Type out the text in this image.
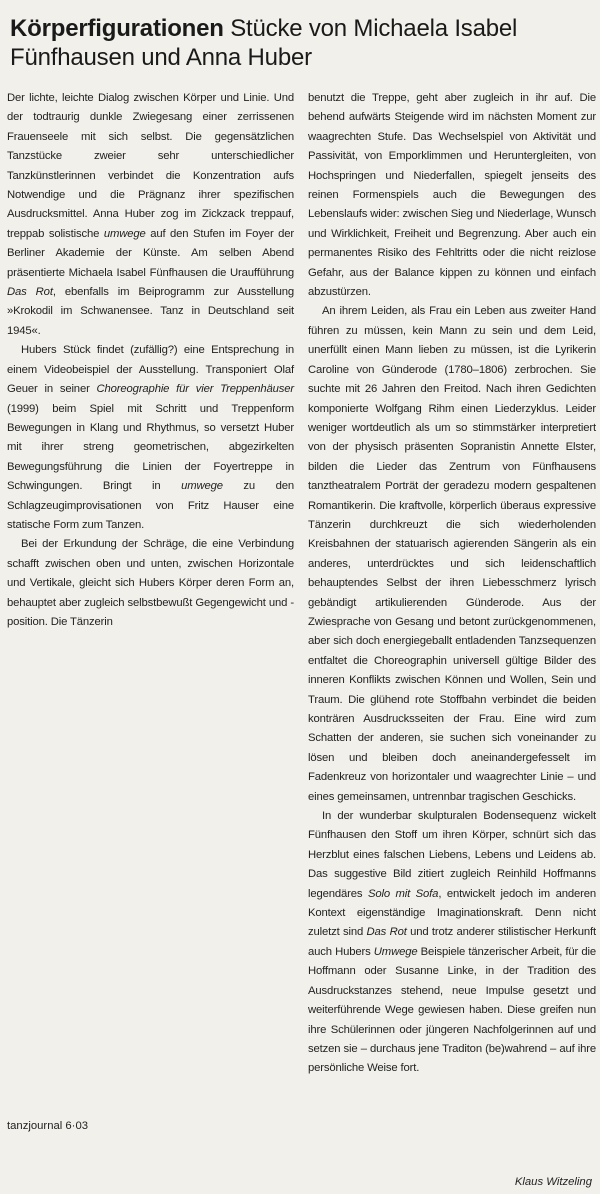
Körperfigurationen Stücke von Michaela Isabel Fünfhausen und Anna Huber

Der lichte, leichte Dialog zwischen Körper und Linie. Und der todtraurig dunkle Zwiegesang einer zerrissenen Frauenseele mit sich selbst. Die gegensätzlichen Tanzstücke zweier sehr unterschiedlicher Tanzkünstlerinnen verbindet die Konzentration aufs Notwendige und die Prägnanz ihrer spezifischen Ausdrucksmittel. Anna Huber zog im Zickzack treppauf, treppab solistische umwege auf den Stufen im Foyer der Berliner Akademie der Künste. Am selben Abend präsentierte Michaela Isabel Fünfhausen die Uraufführung Das Rot, ebenfalls im Beiprogramm zur Ausstellung »Krokodil im Schwanensee. Tanz in Deutschland seit 1945«.

Hubers Stück findet (zufällig?) eine Entsprechung in einem Videobeispiel der Ausstellung. Transponiert Olaf Geuer in seiner Choreographie für vier Treppenhäuser (1999) beim Spiel mit Schritt und Treppenform Bewegungen in Klang und Rhythmus, so versetzt Huber mit ihrer streng geometrischen, abgezirkelten Bewegungsführung die Linien der Foyertreppe in Schwingungen. Bringt in umwege zu den Schlagzeugimprovisationen von Fritz Hauser eine statische Form zum Tanzen.

Bei der Erkundung der Schräge, die eine Verbindung schafft zwischen oben und unten, zwischen Horizontale und Vertikale, gleicht sich Hubers Körper deren Form an, behauptet aber zugleich selbstbewußt Gegengewicht und -position. Die Tänzerin

benutzt die Treppe, geht aber zugleich in ihr auf. Die behend aufwärts Steigende wird im nächsten Moment zur waagrechten Stufe. Das Wechselspiel von Aktivität und Passivität, von Emporklimmen und Heruntergleiten, von Hochspringen und Niederfallen, spiegelt jenseits des reinen Formenspiels auch die Bewegungen des Lebenslaufs wider: zwischen Sieg und Niederlage, Wunsch und Wirklichkeit, Freiheit und Begrenzung. Aber auch ein permanentes Risiko des Fehltritts oder die nicht reizlose Gefahr, aus der Balance kippen zu können und einfach abzustürzen.

An ihrem Leiden, als Frau ein Leben aus zweiter Hand führen zu müssen, kein Mann zu sein und dem Leid, unerfüllt einen Mann lieben zu müssen, ist die Lyrikerin Caroline von Günderode (1780–1806) zerbrochen. Sie suchte mit 26 Jahren den Freitod. Nach ihren Gedichten komponierte Wolfgang Rihm einen Liederzyklus. Leider weniger wortdeutlich als um so stimmstärker interpretiert von der physisch präsenten Sopranistin Annette Elster, bilden die Lieder das Zentrum von Fünfhausens tanztheatralem Porträt der geradezu modern gespaltenen Romantikerin. Die kraftvolle, körperlich überaus expressive Tänzerin durchkreuzt die sich wiederholenden Kreisbahnen der statuarisch agierenden Sängerin als ein anderes, unterdrücktes und sich leidenschaftlich behauptendes Selbst der ihren Liebesschmerz lyrisch gebändigt artikulierenden Günderode. Aus der Zwiesprache von Gesang und betont zurückgenommenen, aber sich doch energiegeballt entladenden Tanzsequenzen entfaltet die Choreographin universell gültige Bilder des inneren Konflikts zwischen Können und Wollen, Sein und Traum. Die glühend rote Stoffbahn verbindet die beiden konträren Ausdrucksseiten der Frau. Eine wird zum Schatten der anderen, sie suchen sich voneinander zu lösen und bleiben doch aneinandergefesselt im Fadenkreuz von horizontaler und waagrechter Linie – und eines gemeinsamen, untrennbar tragischen Geschicks.

In der wunderbar skulpturalen Bodensequenz wickelt Fünfhausen den Stoff um ihren Körper, schnürt sich das Herzblut eines falschen Liebens, Lebens und Leidens ab. Das suggestive Bild zitiert zugleich Reinhild Hoffmanns legendäres Solo mit Sofa, entwickelt jedoch im anderen Kontext eigenständige Imaginationskraft. Denn nicht zuletzt sind Das Rot und trotz anderer stilistischer Herkunft auch Hubers Umwege Beispiele tänzerischer Arbeit, für die Hoffmann oder Susanne Linke, in der Tradition des Ausdruckstanzes stehend, neue Impulse gesetzt und weiterführende Wege gewiesen haben. Diese greifen nun ihre Schülerinnen oder jüngeren Nachfolgerinnen auf und setzen sie – durchaus jene Traditon (be)wahrend – auf ihre persönliche Weise fort.

tanzjournal 6·03
Klaus Witzeling
